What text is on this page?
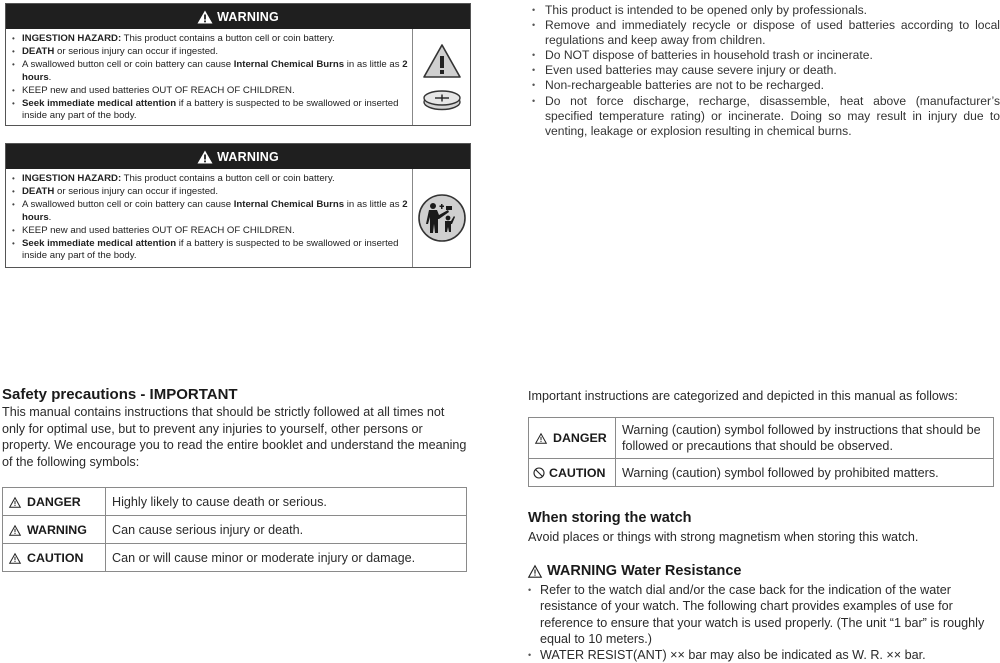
WARNING
• INGESTION HAZARD: This product contains a button cell or coin battery.
• DEATH or serious injury can occur if ingested.
• A swallowed button cell or coin battery can cause Internal Chemical Burns in as little as 2 hours.
• KEEP new and used batteries OUT OF REACH OF CHILDREN.
• Seek immediate medical attention if a battery is suspected to be swallowed or inserted inside any part of the body.
WARNING
• INGESTION HAZARD: This product contains a button cell or coin battery.
• DEATH or serious injury can occur if ingested.
• A swallowed button cell or coin battery can cause Internal Chemical Burns in as little as 2 hours.
• KEEP new and used batteries OUT OF REACH OF CHILDREN.
• Seek immediate medical attention if a battery is suspected to be swallowed or inserted inside any part of the body.
• This product is intended to be opened only by professionals.
• Remove and immediately recycle or dispose of used batteries according to local regulations and keep away from children.
• Do NOT dispose of batteries in household trash or incinerate.
• Even used batteries may cause severe injury or death.
• Non-rechargeable batteries are not to be recharged.
• Do not force discharge, recharge, disassemble, heat above (manufacturer’s specified temperature rating) or incinerate. Doing so may result in injury due to venting, leakage or explosion resulting in chemical burns.
Safety precautions - IMPORTANT
This manual contains instructions that should be strictly followed at all times not only for optimal use, but to prevent any injuries to yourself, other persons or property. We encourage you to read the entire booklet and understand the meaning of the following symbols:
DANGER	Highly likely to cause death or serious.
WARNING	Can cause serious injury or death.
CAUTION	Can or will cause minor or moderate injury or damage.
Important instructions are categorized and depicted in this manual as follows:
DANGER	Warning (caution) symbol followed by instructions that should be followed or precautions that should be observed.
CAUTION	Warning (caution) symbol followed by prohibited matters.
When storing the watch
Avoid places or things with strong magnetism when storing this watch.
WARNING Water Resistance
• Refer to the watch dial and/or the case back for the indication of the water resistance of your watch. The following chart provides examples of use for reference to ensure that your watch is used properly. (The unit “1 bar” is roughly equal to 10 meters.)
• WATER RESIST(ANT) ×× bar may also be indicated as W. R. ×× bar.
